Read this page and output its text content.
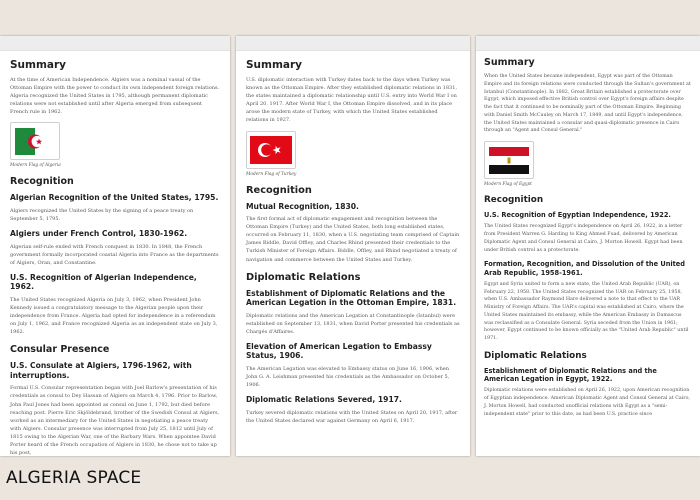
Summary

At the time of American Independence, Algiers was a nominal vassal of the Ottoman Empire with the power to conduct its own independent foreign relations. Algeria recognized the United States in 1795, although permanent diplomatic relations were not established until after Algeria emerged from subsequent French rule in 1962.

Modern Flag of Algeria
Recognition
Algerian Recognition of the United States, 1795.

Algiers recognized the United States by the signing of a peace treaty on September 5, 1795.

Algiers under French Control, 1830-1962.

Algerian self-rule ended with French conquest in 1830. In 1848, the French government formally incorporated coastal Algeria into France as the departments of Algiers, Oran, and Constantine.

U.S. Recognition of Algerian Independence, 1962.

The United States recognized Algeria on July 3, 1962, when President John Kennedy issued a congratulatory message to the Algerian people upon their independence from France. Algeria had opted for independence in a referendum on July 1, 1962, and France recognized Algeria as an independent state on July 3, 1962.

Consular Presence
U.S. Consulate at Algiers, 1796-1962, with interruptions.

Formal U.S. Consular representation began with Joel Barlow's presentation of his credentials as consul to Dey Hassan of Algiers on March 4, 1796. Prior to Barlow, John Paul Jones had been appointed as consul on June 1, 1792, but died before reaching post. Pierre Eric Skjöldebrand, brother of the Swedish Consul at Algiers, worked as an intermediary for the United States in negotiating a peace treaty with Algiers. Consular presence was interrupted from July 25, 1812 until July of 1815 owing to the Algerian War, one of the Barbary Wars. When appointee David Porter heard of the French occupation of Algiers in 1830, he chose not to take up his post,

Summary

U.S. diplomatic interaction with Turkey dates back to the days when Turkey was known as the Ottoman Empire. After they established diplomatic relations in 1831, the states maintained a diplomatic relationship until U.S. entry into World War I on April 20, 1917. After World War I, the Ottoman Empire dissolved, and in its place arose the modern state of Turkey, with which the United States established relations in 1927.

Modern Flag of Turkey
Recognition
Mutual Recognition, 1830.

The first formal act of diplomatic engagement and recognition between the Ottoman Empire (Turkey) and the United States, both long established states, occurred on February 11, 1830, when a U.S. negotiating team comprised of Captain James Biddle, David Offley, and Charles Rhind presented their credentials to the Turkish Minister of Foreign Affairs. Biddle, Offley, and Rhind negotiated a treaty of navigation and commerce between the United States and Turkey.

Diplomatic Relations
Establishment of Diplomatic Relations and the American Legation in the Ottoman Empire, 1831.

Diplomatic relations and the American Legation at Constantinople (Istanbul) were established on September 13, 1831, when David Porter presented his credentials as Chargés d'Affaires.

Elevation of American Legation to Embassy Status, 1906.

The American Legation was elevated to Embassy status on June 16, 1906, when John G. A. Leishman presented his credentials as the Ambassador on October 5, 1906.

Diplomatic Relations Severed, 1917.

Turkey severed diplomatic relations with the United States on April 20, 1917, after the United States declared war against Germany on April 6, 1917.

Summary

When the United States became independent, Egypt was part of the Ottoman Empire and its foreign relations were conducted through the Sultan's government at Istanbul (Constantinople). In 1882, Great Britain established a protectorate over Egypt, which imposed effective British control over Egypt's foreign affairs despite the fact that it continued to be nominally part of the Ottoman Empire. Beginning with Daniel Smith McCauley on March 17, 1849, and until Egypt's independence, the United States maintained a consular and quasi-diplomatic presence in Cairo through an "Agent and Consul General."

Modern Flag of Egypt
Recognition
U.S. Recognition of Egyptian Independence, 1922.

The United States recognized Egypt's independence on April 26, 1922, in a letter from President Warren G. Harding to King Ahmed Fuad, delivered by American Diplomatic Agent and Consul General at Cairo, J. Morton Howell. Egypt had been under British control as a protectorate.

Formation, Recognition, and Dissolution of the United Arab Republic, 1958-1961.

Egypt and Syria united to form a new state, the United Arab Republic (UAR), on February 22, 1958. The United States recognized the UAR on February 25, 1958, when U.S. Ambassador Raymond Hare delivered a note to that effect to the UAR Ministry of Foreign Affairs. The UAR's capital was established at Cairo, where the United States maintained its embassy, while the American Embassy in Damascus was reclassified as a Consulate General. Syria seceded from the Union in 1961; however, Egypt continued to be known officially as the "United Arab Republic" until 1971.

Diplomatic Relations
Establishment of Diplomatic Relations and the American Legation in Egypt, 1922.

Diplomatic relations were established on April 26, 1922, upon American recognition of Egyptian independence. American Diplomatic Agent and Consul General at Cairo, J. Morton Howell, had conducted unofficial relations with Egypt as a "semi-independent state" prior to this date, as had been U.S. practice since

ALGERIA SPACE
